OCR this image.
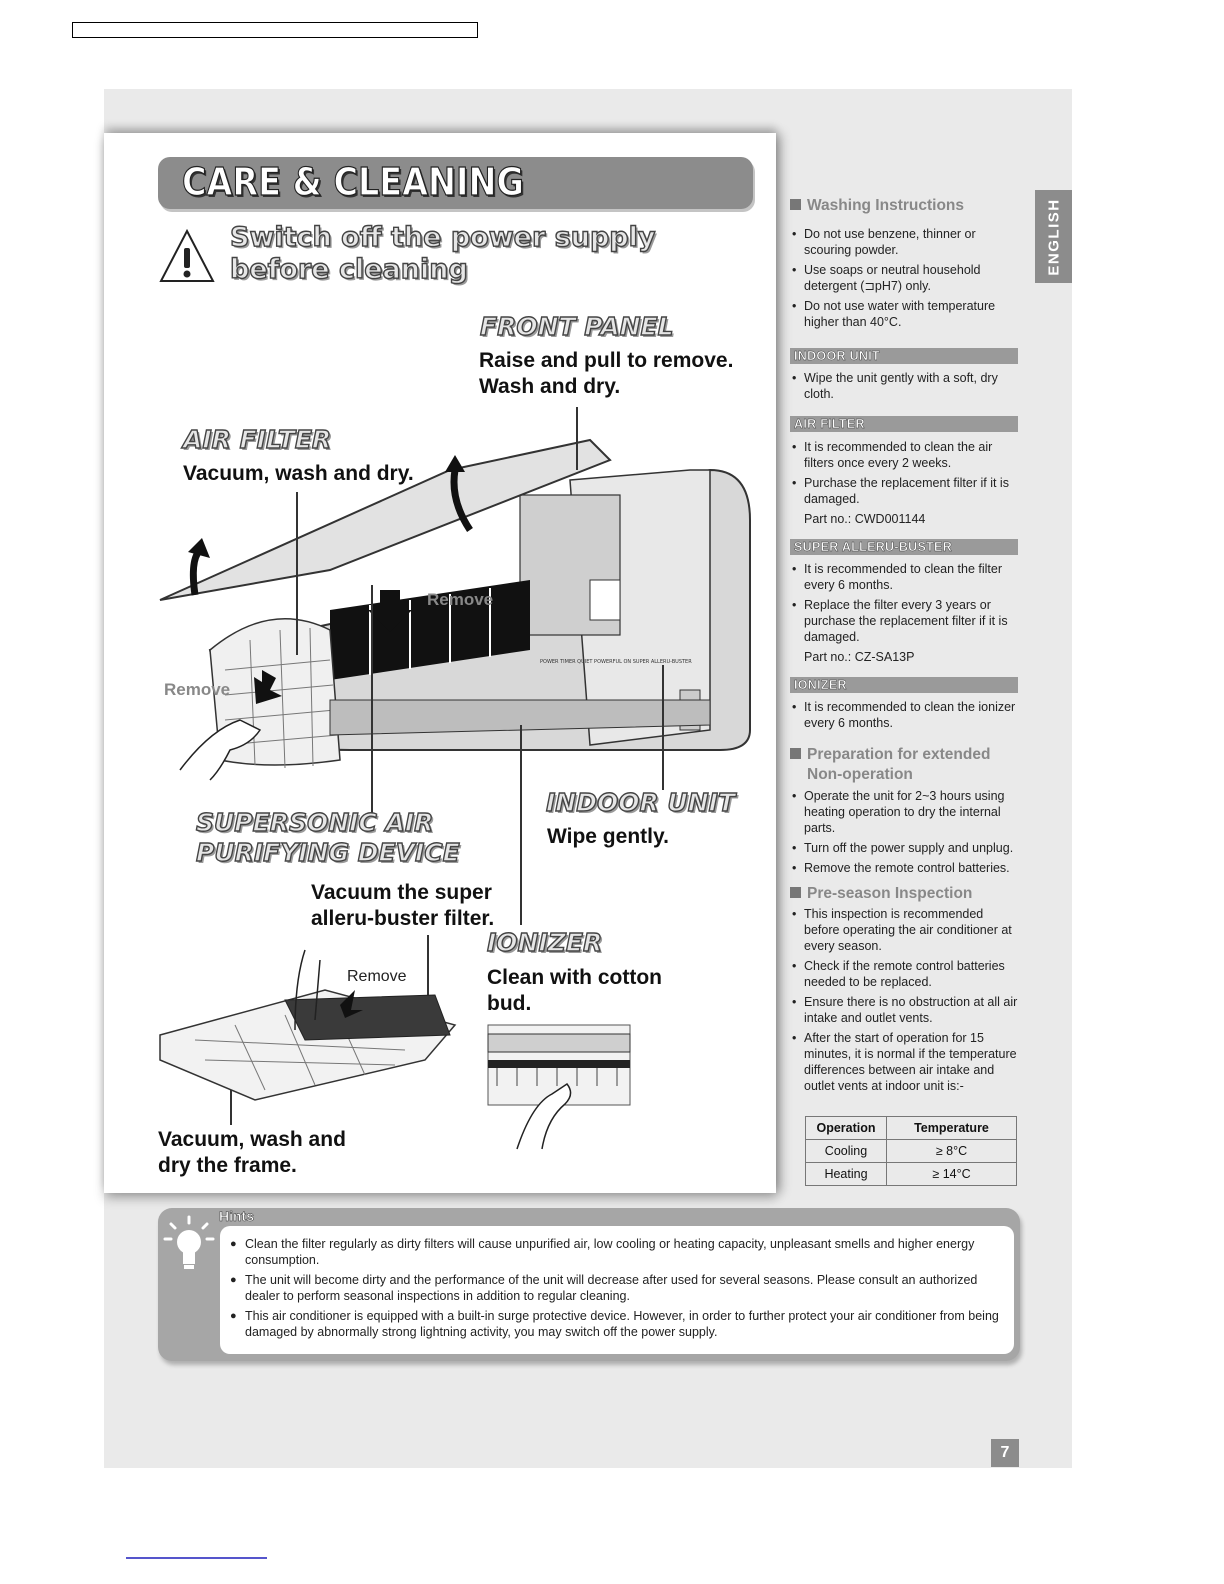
CARE & CLEANING
Switch off the power supply
before cleaning
POWER TIMER QUIET POWERFUL ON SUPER ALLERU-BUSTER
FRONT PANEL
Raise and pull to remove.
Wash and dry.
AIR FILTER
Vacuum, wash and dry.
Remove
Remove
SUPERSONIC AIR
PURIFYING DEVICE
Vacuum the super
alleru-buster filter.
INDOOR UNIT
Wipe gently.
IONIZER
Clean with cotton
bud.
Remove
Vacuum, wash and
dry the frame.
ENGLISH
Washing Instructions
• Do not use benzene, thinner or scouring powder.
• Use soaps or neutral household detergent (⊐pH7) only.
• Do not use water with temperature higher than 40°C.
INDOOR UNIT
• Wipe the unit gently with a soft, dry cloth.
AIR FILTER
• It is recommended to clean the air filters once every 2 weeks.
• Purchase the replacement filter if it is damaged.
Part no.: CWD001144
SUPER ALLERU-BUSTER
• It is recommended to clean the filter every 6 months.
• Replace the filter every 3 years or purchase the replacement filter if it is damaged.
Part no.: CZ-SA13P
IONIZER
• It is recommended to clean the ionizer every 6 months.
Preparation for extended
Non-operation
• Operate the unit for 2~3 hours using heating operation to dry the internal parts.
• Turn off the power supply and unplug.
• Remove the remote control batteries.
Pre-season Inspection
• This inspection is recommended before operating the air conditioner at every season.
• Check if the remote control batteries needed to be replaced.
• Ensure there is no obstruction at all air intake and outlet vents.
• After the start of operation for 15 minutes, it is normal if the temperature differences between air intake and outlet vents at indoor unit is:-
Operation	Temperature
Cooling	≥ 8°C
Heating	≥ 14°C
Hints
● Clean the filter regularly as dirty filters will cause unpurified air, low cooling or heating capacity, unpleasant smells and higher energy consumption.
● The unit will become dirty and the performance of the unit will decrease after used for several seasons. Please consult an authorized dealer to perform seasonal inspections in addition to regular cleaning.
● This air conditioner is equipped with a built-in surge protective device. However, in order to further protect your air conditioner from being damaged by abnormally strong lightning activity, you may switch off the power supply.
7
